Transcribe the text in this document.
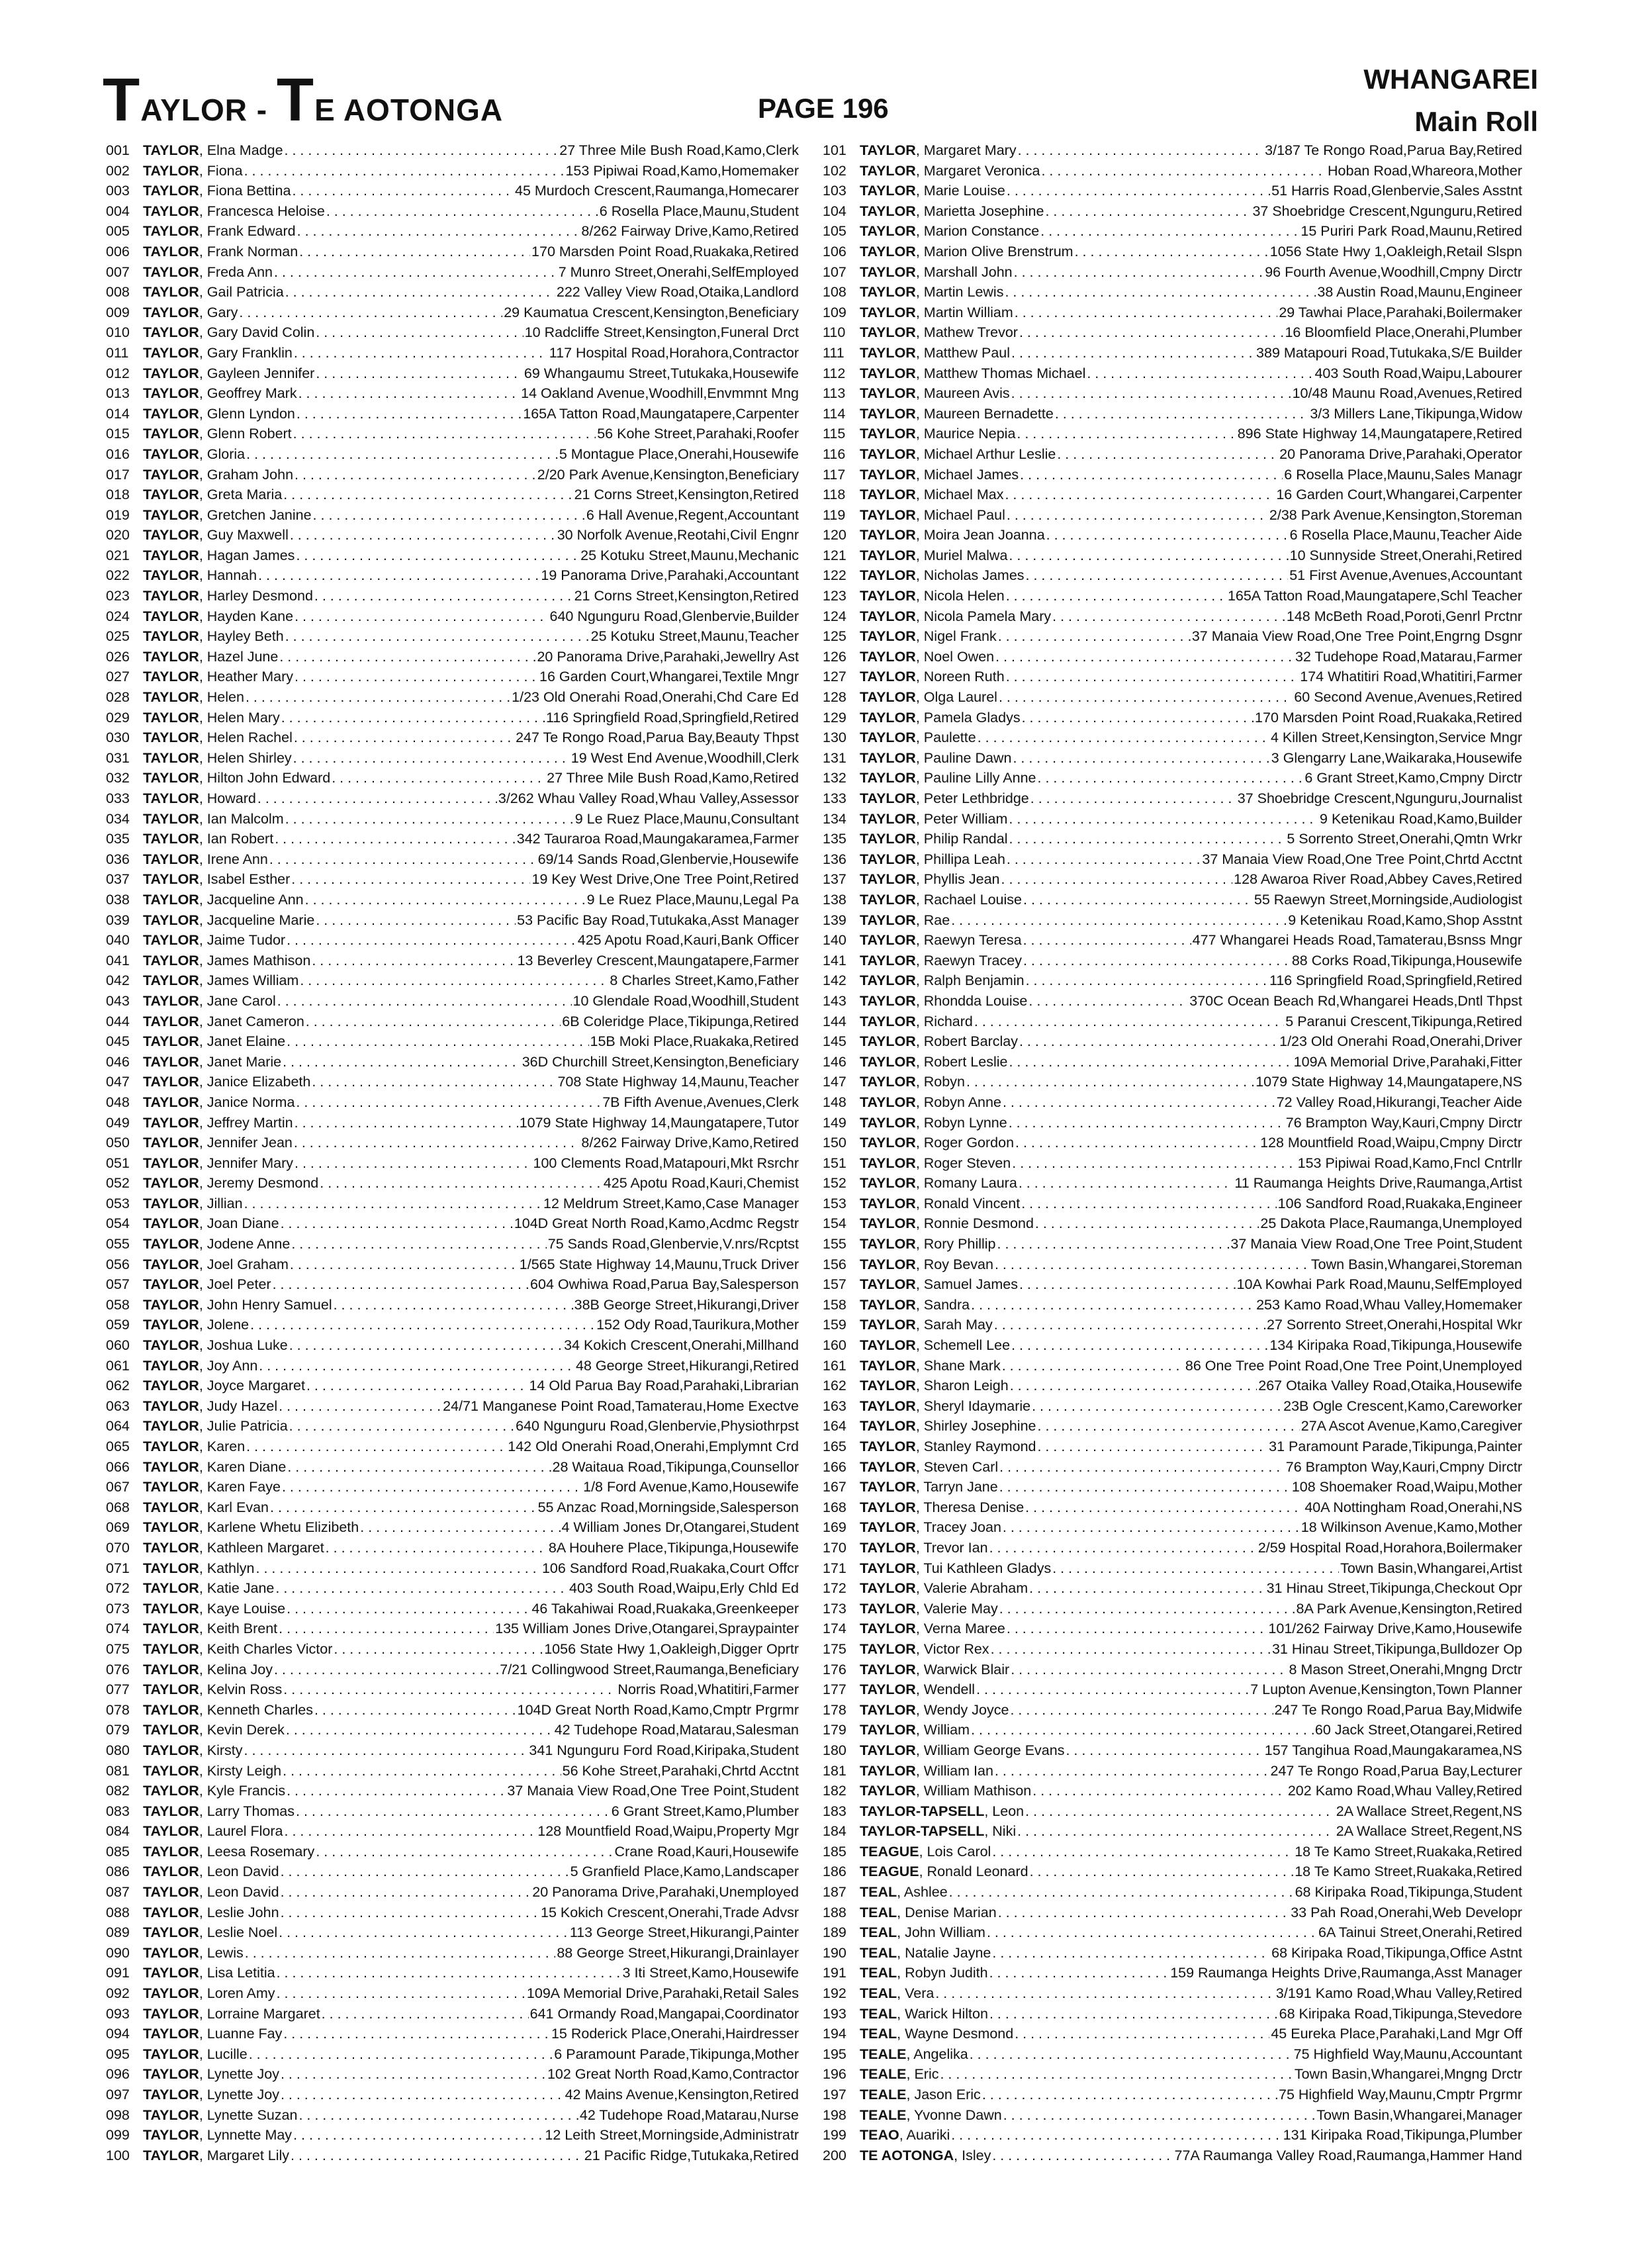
TAYLOR - TE AOTONGA	PAGE 196
WHANGAREI
Main Roll
001 TAYLOR, Elna Madge . . .	27 Three Mile Bush Road,Kamo,Clerk
002 TAYLOR, Fiona . . .	153 Pipiwai Road,Kamo,Homemaker
003 TAYLOR, Fiona Bettina . . .	45 Murdoch Crescent,Raumanga,Homecarer
004 TAYLOR, Francesca Heloise . . .	6 Rosella Place,Maunu,Student
005 TAYLOR, Frank Edward . . .	8/262 Fairway Drive,Kamo,Retired
006 TAYLOR, Frank Norman . . .	170 Marsden Point Road,Ruakaka,Retired
007 TAYLOR, Freda Ann . . .	7 Munro Street,Onerahi,SelfEmployed
008 TAYLOR, Gail Patricia . . .	222 Valley View Road,Otaika,Landlord
009 TAYLOR, Gary . . .	29 Kaumatua Crescent,Kensington,Beneficiary
010 TAYLOR, Gary David Colin . . .	10 Radcliffe Street,Kensington,Funeral Drct
011	TAYLOR, Gary Franklin . . .	117 Hospital Road,Horahora,Contractor
012 TAYLOR, Gayleen Jennifer . . .	69 Whangaumu Street,Tutukaka,Housewife
013 TAYLOR, Geoffrey Mark . . .	14 Oakland Avenue,Woodhill,Envmmnt Mng
014 TAYLOR, Glenn Lyndon . . .	165A Tatton Road,Maungatapere,Carpenter
015 TAYLOR, Glenn Robert . . .	56 Kohe Street,Parahaki,Roofer
016 TAYLOR, Gloria . . .	5 Montague Place,Onerahi,Housewife
017 TAYLOR, Graham John . . .	2/20 Park Avenue,Kensington,Beneficiary
018 TAYLOR, Greta Maria . . .	21 Corns Street,Kensington,Retired
019 TAYLOR, Gretchen Janine . . .	6 Hall Avenue,Regent,Accountant
020 TAYLOR, Guy Maxwell . . .	30 Norfolk Avenue,Reotahi,Civil Engnr
021 TAYLOR, Hagan James . . .	25 Kotuku Street,Maunu,Mechanic
022 TAYLOR, Hannah . . .	19 Panorama Drive,Parahaki,Accountant
023 TAYLOR, Harley Desmond . . .	21 Corns Street,Kensington,Retired
024 TAYLOR, Hayden Kane . . .	640 Ngunguru Road,Glenbervie,Builder
025 TAYLOR, Hayley Beth . . .	25 Kotuku Street,Maunu,Teacher
026 TAYLOR, Hazel June . . .	20 Panorama Drive,Parahaki,Jewellry Ast
027 TAYLOR, Heather Mary . . .	16 Garden Court,Whangarei,Textile Mngr
028 TAYLOR, Helen . . .	1/23 Old Onerahi Road,Onerahi,Chd Care Ed
029 TAYLOR, Helen Mary . . .	116 Springfield Road,Springfield,Retired
030 TAYLOR, Helen Rachel . . .	247 Te Rongo Road,Parua Bay,Beauty Thpst
031 TAYLOR, Helen Shirley . . .	19 West End Avenue,Woodhill,Clerk
032 TAYLOR, Hilton John Edward . . .	27 Three Mile Bush Road,Kamo,Retired
033 TAYLOR, Howard . . .	3/262 Whau Valley Road,Whau Valley,Assessor
034 TAYLOR, Ian Malcolm . . .	9 Le Ruez Place,Maunu,Consultant
035 TAYLOR, Ian Robert . . .	342 Tauraroa Road,Maungakaramea,Farmer
036 TAYLOR, Irene Ann . . .	69/14 Sands Road,Glenbervie,Housewife
037 TAYLOR, Isabel Esther . . .	19 Key West Drive,One Tree Point,Retired
038 TAYLOR, Jacqueline Ann . . .	9 Le Ruez Place,Maunu,Legal Pa
039 TAYLOR, Jacqueline Marie . . .	53 Pacific Bay Road,Tutukaka,Asst Manager
040 TAYLOR, Jaime Tudor . . .	425 Apotu Road,Kauri,Bank Officer
041 TAYLOR, James Mathison . . .	13 Beverley Crescent,Maungatapere,Farmer
042 TAYLOR, James William . . .	8 Charles Street,Kamo,Father
043 TAYLOR, Jane Carol . . .	10 Glendale Road,Woodhill,Student
044 TAYLOR, Janet Cameron . . .	6B Coleridge Place,Tikipunga,Retired
045 TAYLOR, Janet Elaine . . .	15B Moki Place,Ruakaka,Retired
046 TAYLOR, Janet Marie . . .	36D Churchill Street,Kensington,Beneficiary
047 TAYLOR, Janice Elizabeth . . .	708 State Highway 14,Maunu,Teacher
048 TAYLOR, Janice Norma . . .	7B Fifth Avenue,Avenues,Clerk
049 TAYLOR, Jeffrey Martin . . .	1079 State Highway 14,Maungatapere,Tutor
050 TAYLOR, Jennifer Jean . . .	8/262 Fairway Drive,Kamo,Retired
051 TAYLOR, Jennifer Mary . . .	100 Clements Road,Matapouri,Mkt Rsrchr
052 TAYLOR, Jeremy Desmond . . .	425 Apotu Road,Kauri,Chemist
053 TAYLOR, Jillian . . .	12 Meldrum Street,Kamo,Case Manager
054 TAYLOR, Joan Diane . . .	104D Great North Road,Kamo,Acdmc Regstr
055 TAYLOR, Jodene Anne . . .	75 Sands Road,Glenbervie,V.nrs/Rcptst
056 TAYLOR, Joel Graham . . .	1/565 State Highway 14,Maunu,Truck Driver
057 TAYLOR, Joel Peter . . .	604 Owhiwa Road,Parua Bay,Salesperson
058 TAYLOR, John Henry Samuel . . .	38B George Street,Hikurangi,Driver
059 TAYLOR, Jolene . . .	152 Ody Road,Taurikura,Mother
060 TAYLOR, Joshua Luke . . .	34 Kokich Crescent,Onerahi,Millhand
061 TAYLOR, Joy Ann . . .	48 George Street,Hikurangi,Retired
062 TAYLOR, Joyce Margaret . . .	14 Old Parua Bay Road,Parahaki,Librarian
063 TAYLOR, Judy Hazel . . .	24/71 Manganese Point Road,Tamaterau,Home Exectve
064 TAYLOR, Julie Patricia . . .	640 Ngunguru Road,Glenbervie,Physiothrpst
065 TAYLOR, Karen . . .	142 Old Onerahi Road,Onerahi,Emplymnt Crd
066 TAYLOR, Karen Diane . . .	28 Waitaua Road,Tikipunga,Counsellor
067 TAYLOR, Karen Faye . . .	1/8 Ford Avenue,Kamo,Housewife
068 TAYLOR, Karl Evan . . .	55 Anzac Road,Morningside,Salesperson
069 TAYLOR, Karlene Whetu Elizibeth . . .	4 William Jones Dr,Otangarei,Student
070 TAYLOR, Kathleen Margaret . . .	8A Houhere Place,Tikipunga,Housewife
071 TAYLOR, Kathlyn . . .	106 Sandford Road,Ruakaka,Court Offcr
072 TAYLOR, Katie Jane . . .	403 South Road,Waipu,Erly Chld Ed
073 TAYLOR, Kaye Louise . . .	46 Takahiwai Road,Ruakaka,Greenkeeper
074 TAYLOR, Keith Brent . . .	135 William Jones Drive,Otangarei,Spraypainter
075 TAYLOR, Keith Charles Victor . . .	1056 State Hwy 1,Oakleigh,Digger Oprtr
076 TAYLOR, Kelina Joy . . .	7/21 Collingwood Street,Raumanga,Beneficiary
077 TAYLOR, Kelvin Ross . . .	Norris Road,Whatitiri,Farmer
078 TAYLOR, Kenneth Charles . . .	104D Great North Road,Kamo,Cmptr Prgrmr
079 TAYLOR, Kevin Derek . . .	42 Tudehope Road,Matarau,Salesman
080 TAYLOR, Kirsty . . .	341 Ngunguru Ford Road,Kiripaka,Student
081 TAYLOR, Kirsty Leigh . . .	56 Kohe Street,Parahaki,Chrtd Acctnt
082 TAYLOR, Kyle Francis . . .	37 Manaia View Road,One Tree Point,Student
083 TAYLOR, Larry Thomas . . .	6 Grant Street,Kamo,Plumber
084 TAYLOR, Laurel Flora . . .	128 Mountfield Road,Waipu,Property Mgr
085 TAYLOR, Leesa Rosemary . . .	Crane Road,Kauri,Housewife
086 TAYLOR, Leon David . . .	5 Granfield Place,Kamo,Landscaper
087 TAYLOR, Leon David . . .	20 Panorama Drive,Parahaki,Unemployed
088 TAYLOR, Leslie John . . .	15 Kokich Crescent,Onerahi,Trade Advsr
089 TAYLOR, Leslie Noel . . .	113 George Street,Hikurangi,Painter
090 TAYLOR, Lewis . . .	88 George Street,Hikurangi,Drainlayer
091 TAYLOR, Lisa Letitia . . .	3 Iti Street,Kamo,Housewife
092 TAYLOR, Loren Amy . . .	109A Memorial Drive,Parahaki,Retail Sales
093 TAYLOR, Lorraine Margaret . . .	641 Ormandy Road,Mangapai,Coordinator
094 TAYLOR, Luanne Fay . . .	15 Roderick Place,Onerahi,Hairdresser
095 TAYLOR, Lucille . . .	6 Paramount Parade,Tikipunga,Mother
096 TAYLOR, Lynette Joy . . .	102 Great North Road,Kamo,Contractor
097 TAYLOR, Lynette Joy . . .	42 Mains Avenue,Kensington,Retired
098 TAYLOR, Lynette Suzan . . .	42 Tudehope Road,Matarau,Nurse
099 TAYLOR, Lynnette May . . .	12 Leith Street,Morningside,Administratr
100 TAYLOR, Margaret Lily . . .	21 Pacific Ridge,Tutukaka,Retired
101 TAYLOR, Margaret Mary . . .	3/187 Te Rongo Road,Parua Bay,Retired
102 TAYLOR, Margaret Veronica . . .	Hoban Road,Whareora,Mother
103 TAYLOR, Marie Louise . . .	51 Harris Road,Glenbervie,Sales Asstnt
104 TAYLOR, Marietta Josephine . . .	37 Shoebridge Crescent,Ngunguru,Retired
105 TAYLOR, Marion Constance . . .	15 Puriri Park Road,Maunu,Retired
106 TAYLOR, Marion Olive Brenstrum . . .	1056 State Hwy 1,Oakleigh,Retail Slspn
107 TAYLOR, Marshall John . . .	96 Fourth Avenue,Woodhill,Cmpny Dirctr
108 TAYLOR, Martin Lewis . . .	38 Austin Road,Maunu,Engineer
109 TAYLOR, Martin William . . .	29 Tawhai Place,Parahaki,Boilermaker
110	TAYLOR, Mathew Trevor . . .	16 Bloomfield Place,Onerahi,Plumber
111	TAYLOR, Matthew Paul . . .	389 Matapouri Road,Tutukaka,S/E Builder
112	TAYLOR, Matthew Thomas Michael . . .	403 South Road,Waipu,Labourer
113	TAYLOR, Maureen Avis . . .	10/48 Maunu Road,Avenues,Retired
114	TAYLOR, Maureen Bernadette . . .	3/3 Millers Lane,Tikipunga,Widow
115	TAYLOR, Maurice Nepia . . .	896 State Highway 14,Maungatapere,Retired
116	TAYLOR, Michael Arthur Leslie . . .	20 Panorama Drive,Parahaki,Operator
117	TAYLOR, Michael James . . .	6 Rosella Place,Maunu,Sales Managr
118	TAYLOR, Michael Max . . .	16 Garden Court,Whangarei,Carpenter
119	TAYLOR, Michael Paul . . .	2/38 Park Avenue,Kensington,Storeman
120 TAYLOR, Moira Jean Joanna . . .	6 Rosella Place,Maunu,Teacher Aide
121 TAYLOR, Muriel Malwa . . .	10 Sunnyside Street,Onerahi,Retired
122 TAYLOR, Nicholas James . . .	51 First Avenue,Avenues,Accountant
123 TAYLOR, Nicola Helen . . .	165A Tatton Road,Maungatapere,Schl Teacher
124 TAYLOR, Nicola Pamela Mary . . .	148 McBeth Road,Poroti,Genrl Prctnr
125 TAYLOR, Nigel Frank . . .	37 Manaia View Road,One Tree Point,Engrng Dsgnr
126 TAYLOR, Noel Owen . . .	32 Tudehope Road,Matarau,Farmer
127 TAYLOR, Noreen Ruth . . .	174 Whatitiri Road,Whatitiri,Farmer
128 TAYLOR, Olga Laurel . . .	60 Second Avenue,Avenues,Retired
129 TAYLOR, Pamela Gladys . . .	170 Marsden Point Road,Ruakaka,Retired
130 TAYLOR, Paulette . . .	4 Killen Street,Kensington,Service Mngr
131 TAYLOR, Pauline Dawn . . .	3 Glengarry Lane,Waikaraka,Housewife
132 TAYLOR, Pauline Lilly Anne . . .	6 Grant Street,Kamo,Cmpny Dirctr
133 TAYLOR, Peter Lethbridge . . .	37 Shoebridge Crescent,Ngunguru,Journalist
134 TAYLOR, Peter William . . .	9 Ketenikau Road,Kamo,Builder
135 TAYLOR, Philip Randal . . .	5 Sorrento Street,Onerahi,Qmtn Wrkr
136 TAYLOR, Phillipa Leah . . .	37 Manaia View Road,One Tree Point,Chrtd Acctnt
137 TAYLOR, Phyllis Jean . . .	128 Awaroa River Road,Abbey Caves,Retired
138 TAYLOR, Rachael Louise . . .	55 Raewyn Street,Morningside,Audiologist
139 TAYLOR, Rae . . .	9 Ketenikau Road,Kamo,Shop Asstnt
140 TAYLOR, Raewyn Teresa . . .	477 Whangarei Heads Road,Tamaterau,Bsnss Mngr
141 TAYLOR, Raewyn Tracey . . .	88 Corks Road,Tikipunga,Housewife
142 TAYLOR, Ralph Benjamin . . .	116 Springfield Road,Springfield,Retired
143 TAYLOR, Rhondda Louise . . .	370C Ocean Beach Rd,Whangarei Heads,Dntl Thpst
144 TAYLOR, Richard . . .	5 Paranui Crescent,Tikipunga,Retired
145 TAYLOR, Robert Barclay . . .	1/23 Old Onerahi Road,Onerahi,Driver
146 TAYLOR, Robert Leslie . . .	109A Memorial Drive,Parahaki,Fitter
147 TAYLOR, Robyn . . .	1079 State Highway 14,Maungatapere,NS
148 TAYLOR, Robyn Anne . . .	72 Valley Road,Hikurangi,Teacher Aide
149 TAYLOR, Robyn Lynne . . .	76 Brampton Way,Kauri,Cmpny Dirctr
150 TAYLOR, Roger Gordon . . .	128 Mountfield Road,Waipu,Cmpny Dirctr
151 TAYLOR, Roger Steven . . .	153 Pipiwai Road,Kamo,Fncl Cntrllr
152 TAYLOR, Romany Laura . . .	11 Raumanga Heights Drive,Raumanga,Artist
153 TAYLOR, Ronald Vincent . . .	106 Sandford Road,Ruakaka,Engineer
154 TAYLOR, Ronnie Desmond . . .	25 Dakota Place,Raumanga,Unemployed
155 TAYLOR, Rory Phillip . . .	37 Manaia View Road,One Tree Point,Student
156 TAYLOR, Roy Bevan . . .	Town Basin,Whangarei,Storeman
157 TAYLOR, Samuel James . . .	10A Kowhai Park Road,Maunu,SelfEmployed
158 TAYLOR, Sandra . . .	253 Kamo Road,Whau Valley,Homemaker
159 TAYLOR, Sarah May . . .	27 Sorrento Street,Onerahi,Hospital Wkr
160 TAYLOR, Schemell Lee . . .	134 Kiripaka Road,Tikipunga,Housewife
161 TAYLOR, Shane Mark . . .	86 One Tree Point Road,One Tree Point,Unemployed
162 TAYLOR, Sharon Leigh . . .	267 Otaika Valley Road,Otaika,Housewife
163 TAYLOR, Sheryl Idaymarie . . .	23B Ogle Crescent,Kamo,Careworker
164 TAYLOR, Shirley Josephine . . .	27A Ascot Avenue,Kamo,Caregiver
165 TAYLOR, Stanley Raymond . . .	31 Paramount Parade,Tikipunga,Painter
166 TAYLOR, Steven Carl . . .	76 Brampton Way,Kauri,Cmpny Dirctr
167 TAYLOR, Tarryn Jane . . .	108 Shoemaker Road,Waipu,Mother
168 TAYLOR, Theresa Denise . . .	40A Nottingham Road,Onerahi,NS
169 TAYLOR, Tracey Joan . . .	18 Wilkinson Avenue,Kamo,Mother
170 TAYLOR, Trevor Ian . . .	2/59 Hospital Road,Horahora,Boilermaker
171 TAYLOR, Tui Kathleen Gladys . . .	Town Basin,Whangarei,Artist
172 TAYLOR, Valerie Abraham . . .	31 Hinau Street,Tikipunga,Checkout Opr
173 TAYLOR, Valerie May . . .	8A Park Avenue,Kensington,Retired
174 TAYLOR, Verna Maree . . .	101/262 Fairway Drive,Kamo,Housewife
175 TAYLOR, Victor Rex . . .	31 Hinau Street,Tikipunga,Bulldozer Op
176 TAYLOR, Warwick Blair . . .	8 Mason Street,Onerahi,Mngng Drctr
177 TAYLOR, Wendell . . .	7 Lupton Avenue,Kensington,Town Planner
178 TAYLOR, Wendy Joyce . . .	247 Te Rongo Road,Parua Bay,Midwife
179 TAYLOR, William . . .	60 Jack Street,Otangarei,Retired
180 TAYLOR, William George Evans . . .	157 Tangihua Road,Maungakaramea,NS
181 TAYLOR, William Ian . . .	247 Te Rongo Road,Parua Bay,Lecturer
182 TAYLOR, William Mathison . . .	202 Kamo Road,Whau Valley,Retired
183 TAYLOR-TAPSELL, Leon . . .	2A Wallace Street,Regent,NS
184 TAYLOR-TAPSELL, Niki . . .	2A Wallace Street,Regent,NS
185 TEAGUE, Lois Carol . . .	18 Te Kamo Street,Ruakaka,Retired
186 TEAGUE, Ronald Leonard . . .	18 Te Kamo Street,Ruakaka,Retired
187 TEAL, Ashlee . . .	68 Kiripaka Road,Tikipunga,Student
188 TEAL, Denise Marian . . .	33 Pah Road,Onerahi,Web Developr
189 TEAL, John William . . .	6A Tainui Street,Onerahi,Retired
190 TEAL, Natalie Jayne . . .	68 Kiripaka Road,Tikipunga,Office Astnt
191 TEAL, Robyn Judith . . .	159 Raumanga Heights Drive,Raumanga,Asst Manager
192 TEAL, Vera . . .	3/191 Kamo Road,Whau Valley,Retired
193 TEAL, Warick Hilton . . .	68 Kiripaka Road,Tikipunga,Stevedore
194 TEAL, Wayne Desmond . . .	45 Eureka Place,Parahaki,Land Mgr Off
195 TEALE, Angelika . . .	75 Highfield Way,Maunu,Accountant
196 TEALE, Eric . . .	Town Basin,Whangarei,Mngng Drctr
197 TEALE, Jason Eric . . .	75 Highfield Way,Maunu,Cmptr Prgrmr
198 TEALE, Yvonne Dawn . . .	Town Basin,Whangarei,Manager
199 TEAO, Auariki . . .	131 Kiripaka Road,Tikipunga,Plumber
200 TE AOTONGA, Isley . . .	77A Raumanga Valley Road,Raumanga,Hammer Hand
